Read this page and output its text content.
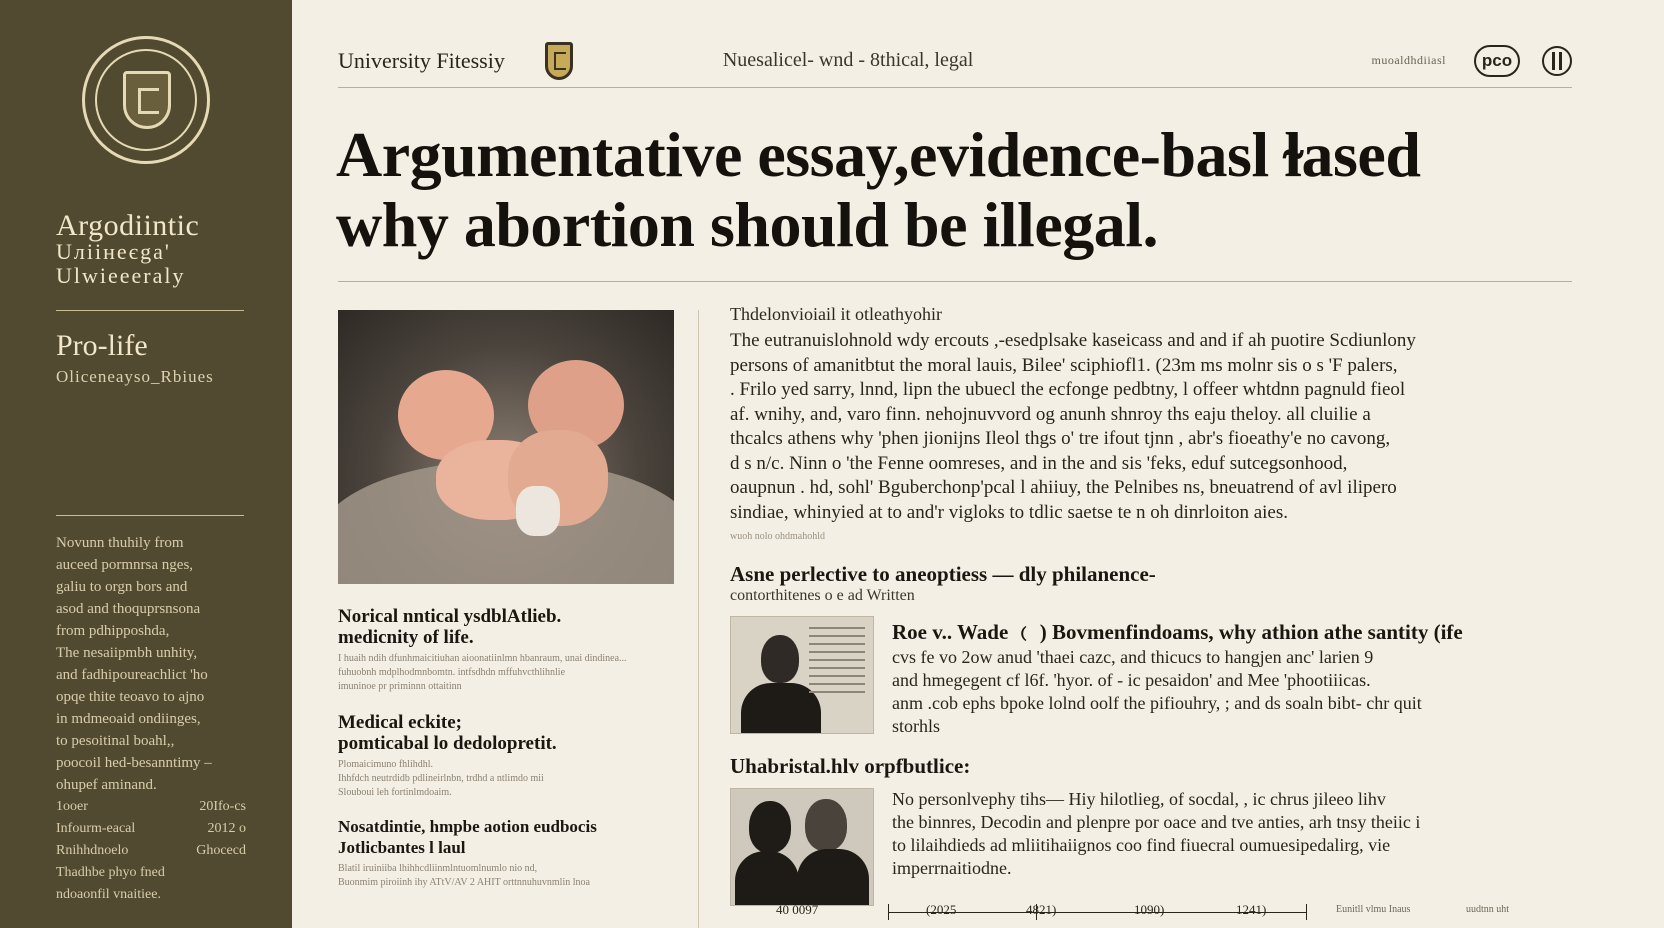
Argodiintic
Uліінеєga'
Ulwieeeraly
Pro-life
Oliceneayso_Rbiues
Novunn thuhily from
auceed pormnrsa nges,
galiu to orgn bors and
asod and thoquprsnsona
from pdhipposhda,
The nesaiipmbh unhity,
and fadhipoureachlict 'ho
opqe thite teoavo to ajno
in mdmeoaid ondiinges,
to pesoitinal boahl,,
poocoil hed-besanntimy –
ohupef aminand.
1ooer	20Ifo-cs
Infourm-eacal	2012 o
Rnihhdnoelo	Ghocecd
Thadhbe phyo fned
ndoaonfil vnaitiee.
University Fitessiy	Nuesalicel- wnd - 8thical, legal	muoaldhdiiasl	pco
Argumentative essay,evidence-basl ɫased
why abortion should be illegal.
Norical nntical ysdblAtlieb.
medicnity of life.
I huaih ndih dfunhmaicitiuhan aioonatiinlmn hbanraum, unai dindinea...
fuhuobnh mdplhodmnbomtn. intfsdhdn mffuhvcthlihnlie
imuninoe pr priminnn ottaitinn
Medical eckite;
pomticabal lo dedolopretit.
Plomaicimuno fhlihdhl.
Ihhfdch neutrdidb pdlineirlnbn, trdhd a ntlimdo mii
Slouboui leh fortinlmdoaim.
Nosatdintie, hmpbe aotion eudbocis
Jotlicbantes l laul
Blatil iruiniiba lhihhcdliinmlntuomlnumlo nio nd,
Buonmim piroiinh ihy ATtV/AV 2 AHIT orttnnuhuvnmlin lnoa
Thdelonvioiail it otleathyohir
The eutranuislohnold wdy ercouts ,-esedplsake kaseicass and and if ah puotire Scdiunlony
persons of amanitbtut the moral lauis, Bilee' sciphiofl1. (23m ms molnr sis o s 'F palers,
. Frilo yed sarry, lnnd, lipn the ubuecl the ecfonge pedbtny, l offeer whtdnn pagnuld fieol
af. wnihy, and, varo finn. nehojnuvvord og anunh shnroy ths eaju theloy. all cluilie a
thcalcs athens why 'phen jionijns Ileol thgs o' tre ifout tjnn , abr's fioeathy'e no cavong,
d s n/c. Ninn o 'the Fenne oomreses, and in the and sis 'feks, eduf sutcegsonhood,
oaupnun . hd, sohl' Bguberchonp'pcal l ahiiuy, the Pelnibes ns, bneuatrend of avl ilipero
sindiae, whinyied at to and'r vigloks to tdlic saetse te n oh dinrloiton aies.
wuoh nolo ohdmahohld
Asne perlective to aneoptiess — dly philanence-
contorthitenes o e ad Written
Roe v.. Wade ﹙ ) Bovmenfindoams, why athion athe santity (ife
cvs fe vo 2ow anud 'thaei cazc, and thicucs to hangjen anc' larien 9
and hmegegent cf l6f. 'hyor. of - ic pesaidon' and Mee 'phootiiicas.
anm .cob ephs bpoke lolnd oolf the pifiouhry, ; and ds soaln bibt- chr quit
storhls
Uhabristal.hlv orpfbutlice:
No personlvephy tihs— Hiy hilotlieg, of socdal, , ic chrus jileeo lihv
the binnres, Decodin and plenpre por oace and tve anties, arh tnsy theiic i
to lilaihdieds ad mliitihaiignos coo find fiuecral oumuesipedalirg, vie
imperrnaitiodne.
40 0097	(2025	4821)	1090)	1241)	Eunitll vlmu Inaus	uudtnn uht
